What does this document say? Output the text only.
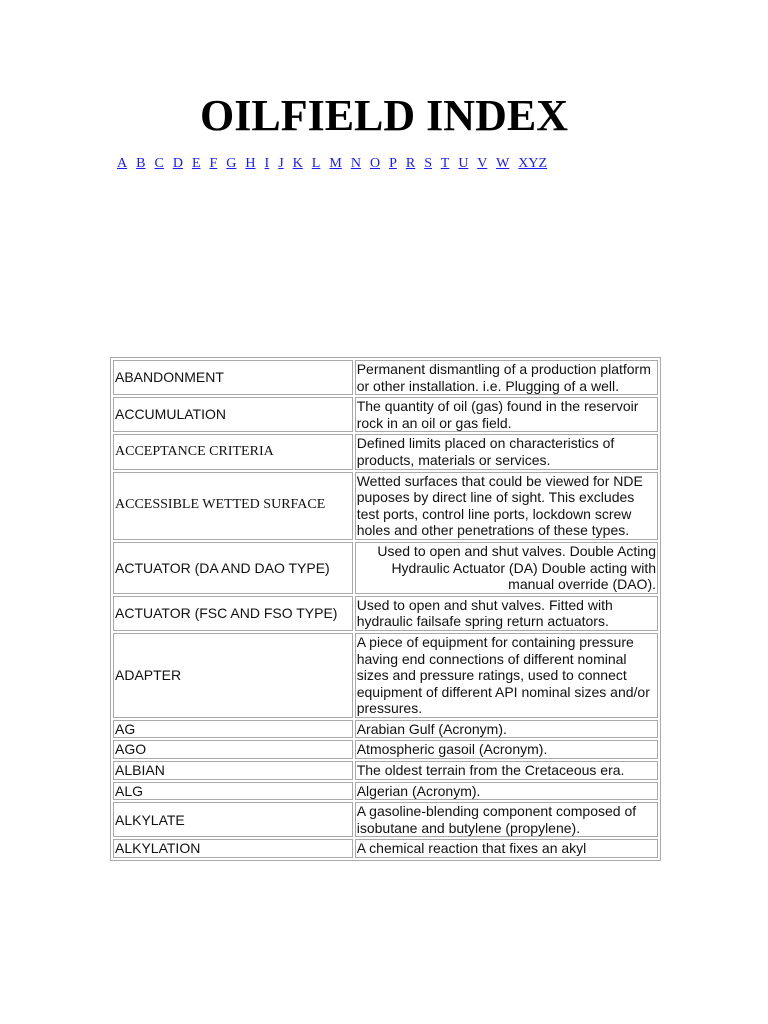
OILFIELD INDEX
A B C D E F G H I J K L M N O P R S T U V W XYZ
ABANDONMENT	Permanent dismantling of a production platform or other installation. i.e. Plugging of a well.
ACCUMULATION	The quantity of oil (gas) found in the reservoir rock in an oil or gas field.
ACCEPTANCE CRITERIA	Defined limits placed on characteristics of products, materials or services.
ACCESSIBLE WETTED SURFACE	Wetted surfaces that could be viewed for NDE puposes by direct line of sight. This excludes test ports, control line ports, lockdown screw holes and other penetrations of these types.
ACTUATOR (DA AND DAO TYPE)	Used to open and shut valves. Double Acting Hydraulic Actuator (DA) Double acting with manual override (DAO).
ACTUATOR (FSC AND FSO TYPE)	Used to open and shut valves. Fitted with hydraulic failsafe spring return actuators.
ADAPTER	A piece of equipment for containing pressure having end connections of different nominal sizes and pressure ratings, used to connect equipment of different API nominal sizes and/or pressures.
AG	Arabian Gulf (Acronym).
AGO	Atmospheric gasoil (Acronym).
ALBIAN	The oldest terrain from the Cretaceous era.
ALG	Algerian (Acronym).
ALKYLATE	A gasoline-blending component composed of isobutane and butylene (propylene).
ALKYLATION	A chemical reaction that fixes an akyl
